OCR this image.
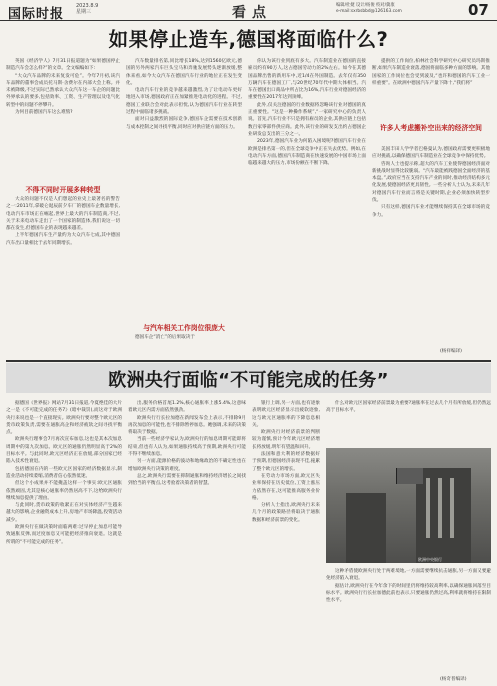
国际时报
2023.8.9
星期三	看点	编辑/杜婕 设计/杨俊 校对/冀康
e-mail:sxrbsbbd@126163.com	07
如果停止造车,德国将面临什么?

英国《经济学人》7月31日报道题为“如果德国停止制造汽车会怎么样?”的文章。全文编编如下:

“大众汽车品牌的未来复发可危”。今年7月初,该汽车品牌的董事会成员托马斯·舍费尔在内部大会上称。并未被降级,不过实际已然承认大众汽车这一车企的问题比外界承认的要多,包括效率、工资、生产管理以及电气化转型中的问题不停攀升。

为何目前德国汽车这么难熬?

不得不同时开展多种转型

大众的问题不仅是人们想起的业史上最著名的警告之一:2011年,拿破仑诞辰前夕车厂的德国车企数量增长,电动汽车市场正在崛起,世界上最大的汽车制造商,不过,关于未来电动车走出了一个国家的制造体,我们说这一切都在发生,但德国车企的表现越来越差。

上半年德国汽车生产量约为大众汽车七成,其中德国汽车出口量相比于去年同期增长。

汽车数量排名第,同比增长18%,达到1560亿欧元,德国的另外两家汽车巨头宝马和奔驰发展势头逐渐放缓,整体来看,如今大众汽车在德国汽车行业的地位正在发生变化。

电动汽车行业的竞争越来越激烈,为了让电动车更好地进入市场,德国政府正在加紧推进电动化的进程。不过,德国工业联合会对此表示担忧,认为德国汽车行业在转型过程中面临诸多挑战。

面对日益激烈的国际竞争,德国车企需要在技术创新与成本控制之间寻找平衡,同时应对供应链方面的压力。

与汽车相关工作岗位很庞大

德国车企“消亡”的后果取决于

你认为该行业到底有多大。汽车制造业在德国的直接雇员约有90万人,这占德国劳动力的2%左右。如今在其德国品牌出售的新用车中,近1/4在外国制造。去年仅有350万辆汽车在德国工厂,与20世纪70年代中期大体相当。汽车在德国出口商品中所占比为16%,汽车行业对德国经济的重要性在2017年达到顶峰。

此外,仅关注德国的行业数据将忽略该行业对德国的真正重要性。“这是一种操作系统”,“一家研究中心的负责人说。首先,汽车行业不只是拥有雇员的企业,其供应链上包括数百家零部件供应商。此外,该行业的研发支出约占德国企业研发总支出的三分之一。

2023年,德国汽车业为何陷入困境呢?德国汽车行业在欧洲是排名第一的,但在全球竞争中正在失去优势。例如,在电动汽车方面,德国汽车制造商在快速发展的中国市场上面临越来越大的压力,市场份额在不断下降。

提供的工作岗位,柏林社会科学研究中心研究员玛斯推断,如果汽车制造业衰落,德国将面临多种方面的影响。其他国家的工作岗位也会受到波及,“也许和德国的汽车工业一样重要”。在欧洲中德国汽车产量下降十,“我们将”

许多人考虑搬补空出来的经济空间

美国丰田人学学者巴格曼认为,德国政府需要更积极地应对挑战,以确保德国汽车制造业在全球竞争中保持优势。

咨询人士也提示称,超大的汽车工业使得德国经济面对新挑战时显得比较脆弱。“汽车最能被践德国全面经济的基本盘。”,政府应当在支持汽车产业的同时,推动经济结构多元化发展,使德国经济更具韧性。一些分析人士认为,未来几年对德国汽车行业而言将是关键时期,企业必须加快转型步伐。

只有这样,德国汽车业才能继续保持其在全球市场的竞争力。

(杨祥编译)
欧洲央行面临“不可能完成的任务”

据德国《世界报》网站7月31日报道,今夏绝佳的大片之一是《不可能完成的任务7》(暗中裁罚),而这对于欧洲央行来说也是一个直接现实。欧洲央行要对整个欧元区的货币政策负责,需要在通胀高企和经济疲软之间寻找平衡点。

欧洲央行理事会7月再次宣布加息,这也是其本次加息周期中的第九次加息。欧元区的通胀仍然明显高于2%的目标水平。与此同时,欧元区经济正在放缓,部分国家已经陷入技术性衰退。

包括德国在内的一些欧元区国家的经济数据显示,制造业活动持续萎缩,消费者信心依然低迷。

但这个小成果并不能掩盖这样一个事实:欧元区通胀依然顽固,尤其是核心通胀率仍然居高不下,这给欧洲央行继续加息提供了理由。

与此同时,货币政策的收紧正在对实体经济产生越来越大的影响,企业融资成本上升,房地产市场降温,投资活动减少。

欧洲央行在做决策时面临两难:过早停止加息可能导致通胀反弹,而过度加息又可能把经济推向衰退。这就是所谓的“不可能完成的任务”。

出,服务价格首尾1.2%,核心通胀率上涨5.4%,这意味着欧元区内需方面依然强劲。

欧洲央行行长拉加德在新闻发布会上表示,不排除9月再次加息的可能性,也不排除暂停加息。她强调,未来的决策将取决于数据。

当前一些经济学家认为,欧洲央行的加息周期可能即将结束,但也有人认为,如果通胀持续高于预期,欧洲央行可能不得不继续加息。

另一方面,能源价格的波动和地缘政治的不确定性也在增加欧洲央行决策的难度。

总之,欧洲央行需要在抑制通胀和维持经济增长之间找到恰当的平衡点,这考验着决策者的智慧。

银行上调,另一方面,也有迹象表明欧元区经济显示出疲软迹象,这与欧元区通胀率的下降息息相关。

欧洲央行对经济前景的判断较为谨慎,预计今年欧元区经济增长将放缓,明年有望温和回升。

法国和意大利的经济数据好于预期,但德国经济表现不佳,拖累了整个欧元区的增长。

在劳动力市场方面,欧元区失业率保持在历史低位,工资上涨压力依然存在,这可能推高服务业价格。

分析人士指出,欧洲央行未来几个月的政策路径将取决于通胀数据和经济前景的变化。

什么对欧元区国家经济前景最为重要?通胀率在过去几个月有所放缓,但仍然远高于目标水平。

欧洲中央银行

这种矛盾使欧洲央行处于两难境地,一方面需要继续抗击通胀,另一方面又要避免经济陷入衰退。

据估计,欧洲央行在今年余下的时间里仍将维持较高利率,以确保通胀回落至目标水平。欧洲央行行长拉加德此前也表示,只要通胀仍然过高,利率就将维持在限制性水平。

(杨奇普编译)
